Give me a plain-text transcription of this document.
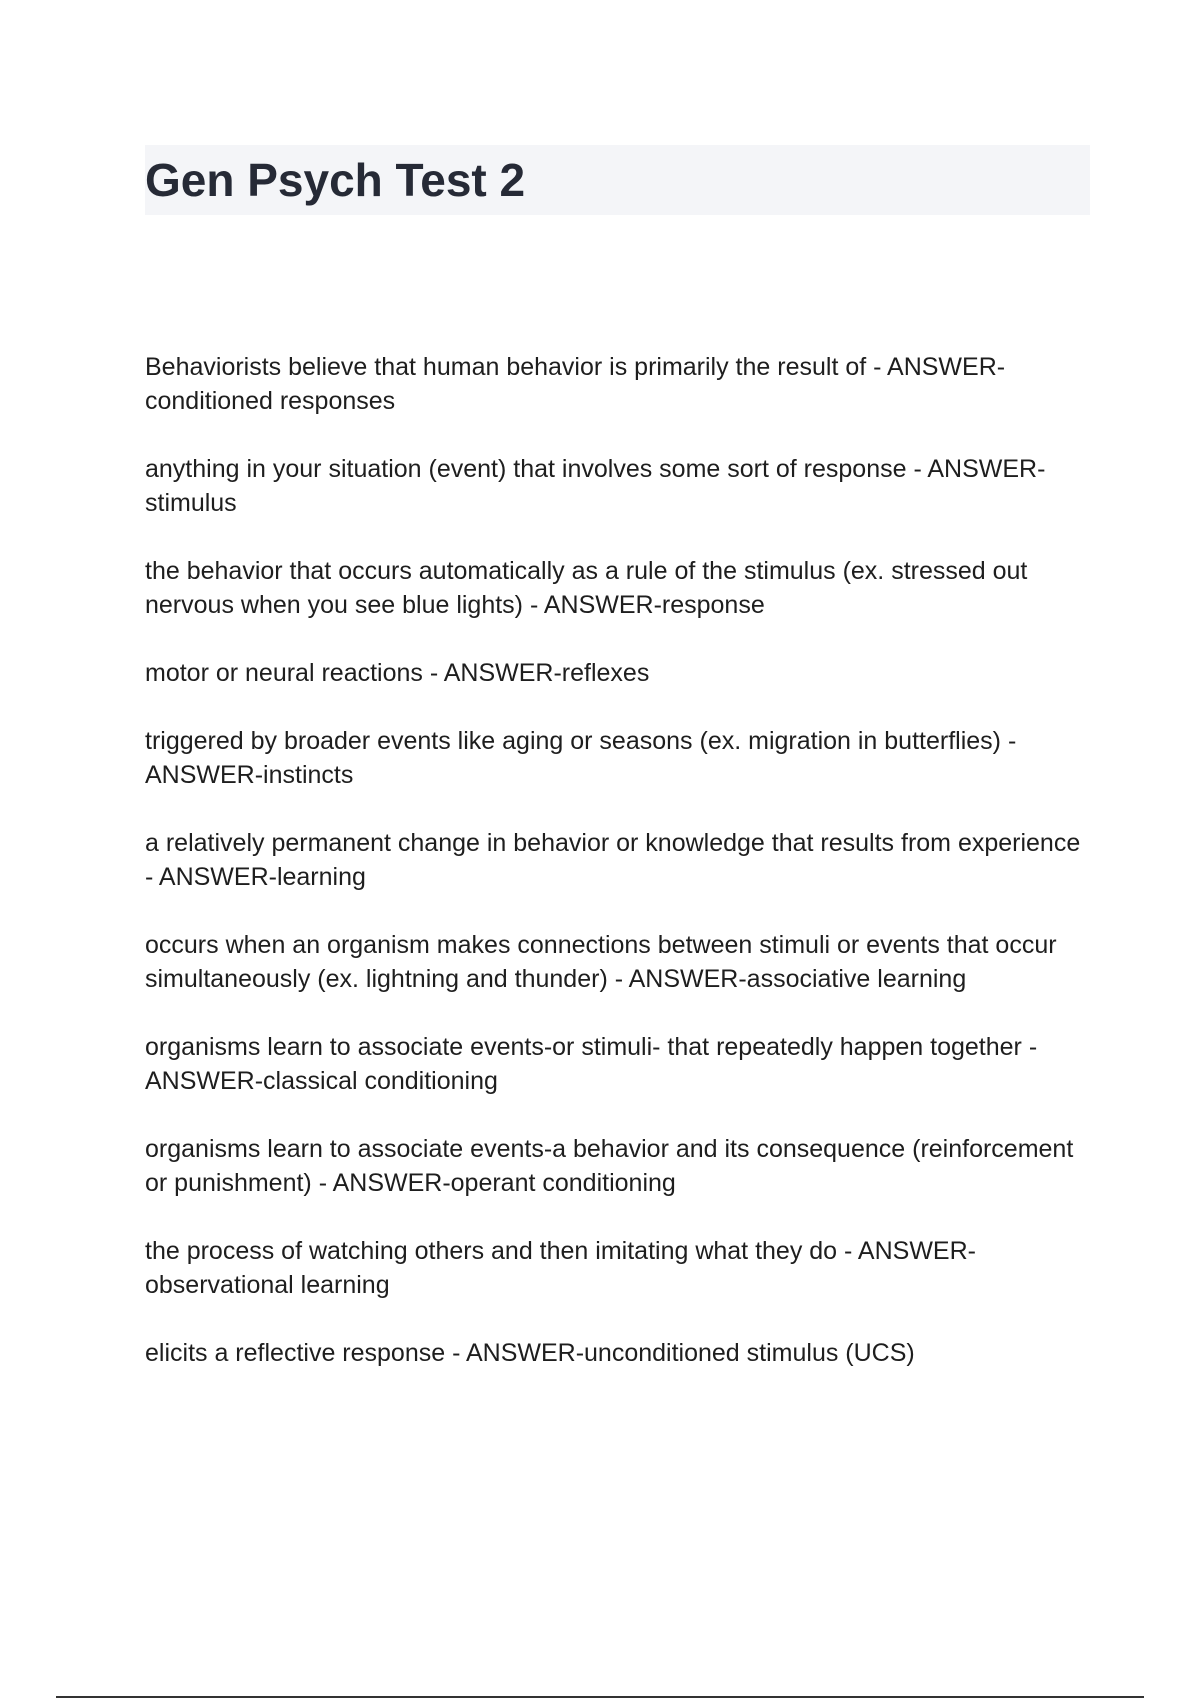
Gen Psych Test 2
Behaviorists believe that human behavior is primarily the result of - ANSWER-conditioned responses
anything in your situation (event) that involves some sort of response - ANSWER-stimulus
the behavior that occurs automatically as a rule of the stimulus (ex. stressed out nervous when you see blue lights) - ANSWER-response
motor or neural reactions - ANSWER-reflexes
triggered by broader events like aging or seasons (ex. migration in butterflies) - ANSWER-instincts
a relatively permanent change in behavior or knowledge that results from experience - ANSWER-learning
occurs when an organism makes connections between stimuli or events that occur simultaneously (ex. lightning and thunder) - ANSWER-associative learning
organisms learn to associate events-or stimuli- that repeatedly happen together - ANSWER-classical conditioning
organisms learn to associate events-a behavior and its consequence (reinforcement or punishment) - ANSWER-operant conditioning
the process of watching others and then imitating what they do - ANSWER-observational learning
elicits a reflective response - ANSWER-unconditioned stimulus (UCS)
